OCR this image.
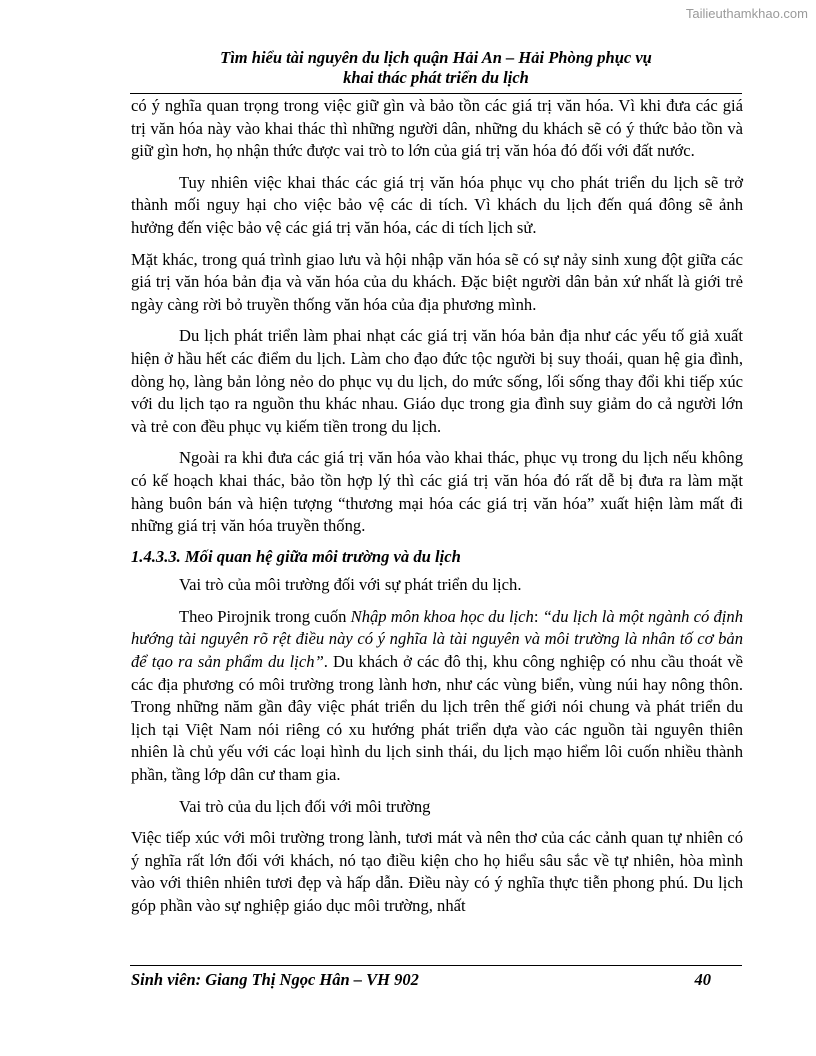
Tailieuthamkhao.com
Tìm hiểu tài nguyên du lịch quận Hải An – Hải Phòng phục vụ
khai thác phát triển du lịch

có ý nghĩa quan trọng trong việc giữ gìn và bảo tồn các giá trị văn hóa. Vì khi đưa các giá trị văn hóa này vào khai thác thì những người dân, những du khách sẽ có ý thức bảo tồn và giữ gìn hơn, họ nhận thức được vai trò to lớn của giá trị văn hóa đó đối với đất nước.

Tuy nhiên việc khai thác các giá trị văn hóa phục vụ cho phát triển du lịch sẽ trở thành mối nguy hại cho việc bảo vệ các di tích. Vì khách du lịch đến quá đông sẽ ảnh hưởng đến việc bảo vệ các giá trị văn hóa, các di tích lịch sử.

Mặt khác, trong quá trình giao lưu và hội nhập văn hóa sẽ có sự nảy sinh xung đột giữa các giá trị văn hóa bản địa và văn hóa của du khách. Đặc biệt người dân bản xứ nhất là giới trẻ ngày càng rời bỏ truyền thống văn hóa của địa phương mình.

Du lịch phát triển làm phai nhạt các giá trị văn hóa bản địa như các yếu tố giả xuất hiện ở hầu hết các điểm du lịch. Làm cho đạo đức tộc người bị suy thoái, quan hệ gia đình, dòng họ, làng bản lỏng nẻo do phục vụ du lịch, do mức sống, lối sống thay đổi khi tiếp xúc với du lịch tạo ra nguồn thu khác nhau. Giáo dục trong gia đình suy giảm do cả người lớn và trẻ con đều phục vụ kiếm tiền trong du lịch.

Ngoài ra khi đưa các giá trị văn hóa vào khai thác, phục vụ trong du lịch nếu không có kế hoạch khai thác, bảo tồn hợp lý thì các giá trị văn hóa đó rất dễ bị đưa ra làm mặt hàng buôn bán và hiện tượng “thương mại hóa các giá trị văn hóa” xuất hiện làm mất đi những giá trị văn hóa truyền thống.

1.4.3.3. Mối quan hệ giữa môi trường và du lịch

Vai trò của môi trường đối với sự phát triển du lịch.

Theo Pirojnik trong cuốn Nhập môn khoa học du lịch: “du lịch là một ngành có định hướng tài nguyên rõ rệt điều này có ý nghĩa là tài nguyên và môi trường là nhân tố cơ bản để tạo ra sản phẩm du lịch”. Du khách ở các đô thị, khu công nghiệp có nhu cầu thoát về các địa phương có môi trường trong lành hơn, như các vùng biển, vùng núi hay nông thôn. Trong những năm gần đây việc phát triển du lịch trên thế giới nói chung và phát triển du lịch tại Việt Nam nói riêng có xu hướng phát triển dựa vào các nguồn tài nguyên thiên nhiên là chủ yếu với các loại hình du lịch sinh thái, du lịch mạo hiểm lôi cuốn nhiều thành phần, tầng lớp dân cư tham gia.

Vai trò của du lịch đối với môi trường

Việc tiếp xúc với môi trường trong lành, tươi mát và nên thơ của các cảnh quan tự nhiên có ý nghĩa rất lớn đối với khách, nó tạo điều kiện cho họ hiểu sâu sắc về tự nhiên, hòa mình vào với thiên nhiên tươi đẹp và hấp dẫn. Điều này có ý nghĩa thực tiễn phong phú. Du lịch góp phần vào sự nghiệp giáo dục môi trường, nhất

Sinh viên: Giang Thị Ngọc Hân – VH 902	40
